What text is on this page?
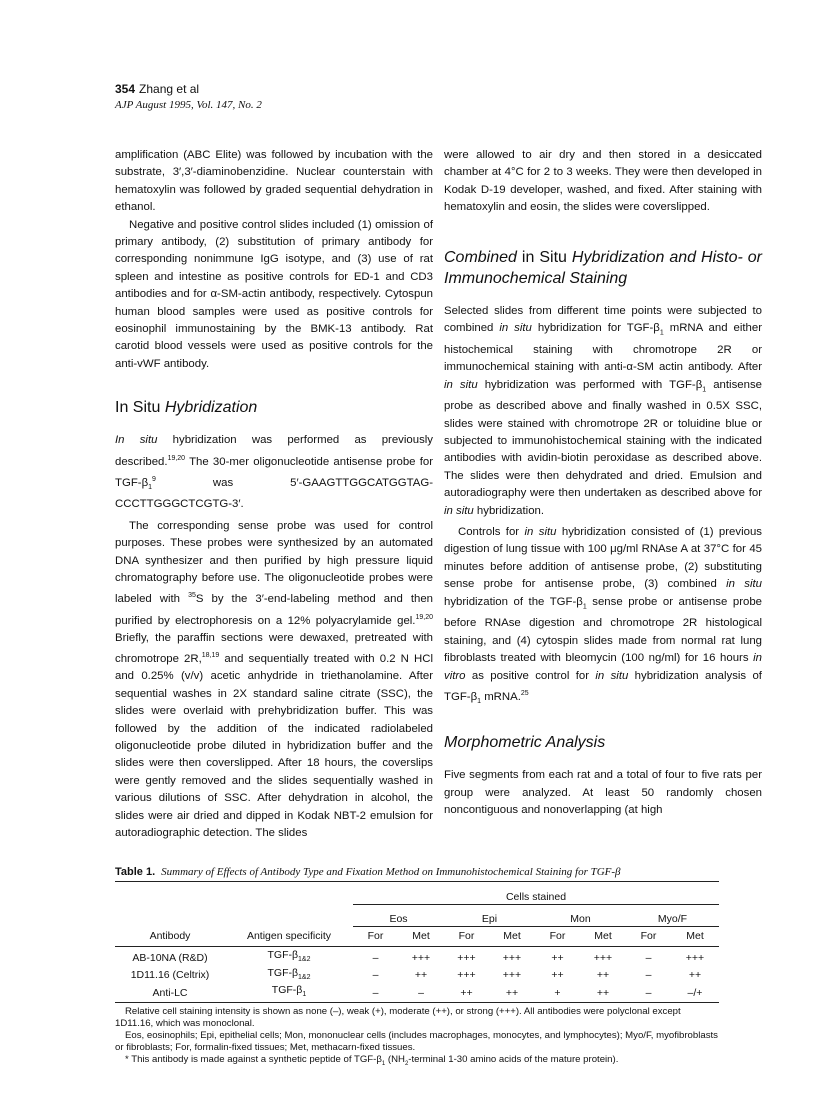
354 Zhang et al
AJP August 1995, Vol. 147, No. 2

amplification (ABC Elite) was followed by incubation with the substrate, 3′,3′-diaminobenzidine. Nuclear counterstain with hematoxylin was followed by graded sequential dehydration in ethanol.

Negative and positive control slides included (1) omission of primary antibody, (2) substitution of primary antibody for corresponding nonimmune IgG isotype, and (3) use of rat spleen and intestine as positive controls for ED-1 and CD3 antibodies and for α-SM-actin antibody, respectively. Cytospun human blood samples were used as positive controls for eosinophil immunostaining by the BMK-13 antibody. Rat carotid blood vessels were used as positive controls for the anti-vWF antibody.

In Situ Hybridization

In situ hybridization was performed as previously described.$^{19,20}$ The 30-mer oligonucleotide antisense probe for TGF-$\beta_1^9$ was 5′-GAAGTTGGCATGGTAG-CCCTTGGGCTCGTG-3′.

The corresponding sense probe was used for control purposes. These probes were synthesized by an automated DNA synthesizer and then purified by high pressure liquid chromatography before use. The oligonucleotide probes were labeled with $^{35}$S by the 3′-end-labeling method and then purified by electrophoresis on a 12% polyacrylamide gel.$^{19,20}$ Briefly, the paraffin sections were dewaxed, pretreated with chromotrope 2R,$^{18,19}$ and sequentially treated with 0.2 N HCl and 0.25% (v/v) acetic anhydride in triethanolamine. After sequential washes in 2X standard saline citrate (SSC), the slides were overlaid with prehybridization buffer. This was followed by the addition of the indicated radiolabeled oligonucleotide probe diluted in hybridization buffer and the slides were then coverslipped. After 18 hours, the coverslips were gently removed and the slides sequentially washed in various dilutions of SSC. After dehydration in alcohol, the slides were air dried and dipped in Kodak NBT-2 emulsion for autoradiographic detection. The slides

were allowed to air dry and then stored in a desiccated chamber at 4°C for 2 to 3 weeks. They were then developed in Kodak D-19 developer, washed, and fixed. After staining with hematoxylin and eosin, the slides were coverslipped.

Combined in Situ Hybridization and Histo- or Immunochemical Staining

Selected slides from different time points were subjected to combined in situ hybridization for TGF-$\beta_1$ mRNA and either histochemical staining with chromotrope 2R or immunochemical staining with anti-α-SM actin antibody. After in situ hybridization was performed with TGF-$\beta_1$ antisense probe as described above and finally washed in 0.5X SSC, slides were stained with chromotrope 2R or toluidine blue or subjected to immunohistochemical staining with the indicated antibodies with avidin-biotin peroxidase as described above. The slides were then dehydrated and dried. Emulsion and autoradiography were then undertaken as described above for in situ hybridization.

Controls for in situ hybridization consisted of (1) previous digestion of lung tissue with 100 μg/ml RNAse A at 37°C for 45 minutes before addition of antisense probe, (2) substituting sense probe for antisense probe, (3) combined in situ hybridization of the TGF-$\beta_1$ sense probe or antisense probe before RNAse digestion and chromotrope 2R histological staining, and (4) cytospin slides made from normal rat lung fibroblasts treated with bleomycin (100 ng/ml) for 16 hours in vitro as positive control for in situ hybridization analysis of TGF-$\beta_1$ mRNA.$^{25}$

Morphometric Analysis

Five segments from each rat and a total of four to five rats per group were analyzed. At least 50 randomly chosen noncontiguous and nonoverlapping (at high

Table 1. Summary of Effects of Antibody Type and Fixation Method on Immunohistochemical Staining for TGF-β
		Cells stained							
		Eos		Epi		Mon		Myo/F	
Antibody	Antigen specificity	For	Met	For	Met	For	Met	For	Met

AB-10NA (R&D)	TGF-$\beta_{1\&2}$	–	+++	+++	+++	++	+++	–	+++
1D11.16 (Celtrix)	TGF-$\beta_{1\&2}$	–	++	+++	+++	++	++	–	++
Anti-LC	TGF-$\beta_1$	–	–	++	++	+	++	–	–/+

Relative cell staining intensity is shown as none (–), weak (+), moderate (++), or strong (+++). All antibodies were polyclonal except 1D11.16, which was monoclonal.

Eos, eosinophils; Epi, epithelial cells; Mon, mononuclear cells (includes macrophages, monocytes, and lymphocytes); Myo/F, myofibroblasts or fibroblasts; For, formalin-fixed tissues; Met, methacarn-fixed tissues.

* This antibody is made against a synthetic peptide of TGF-$\beta_1$ ($NH_2$-terminal 1-30 amino acids of the mature protein).
